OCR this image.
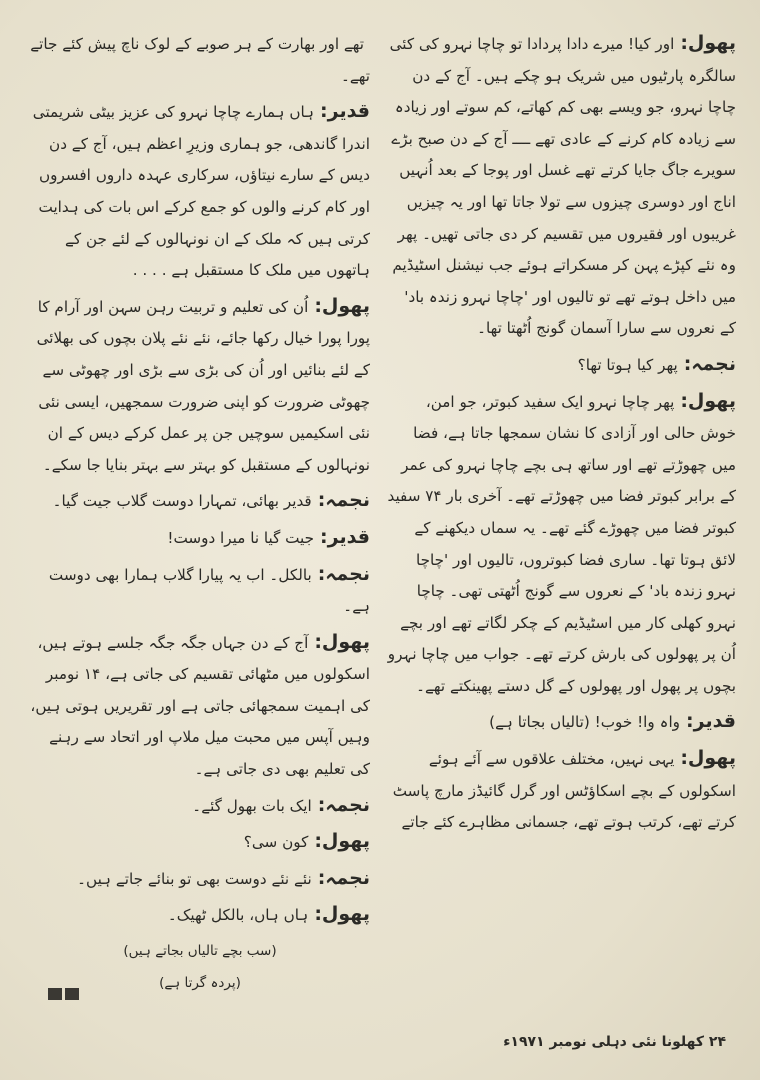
پھول:اور کیا! میرے دادا پردادا تو چاچا نہرو کی کئی سالگرہ پارٹیوں میں شریک ہو چکے ہیں۔ آج کے دن چاچا نہرو، جو ویسے بھی کم کھاتے، کم سوتے اور زیادہ سے زیادہ کام کرنے کے عادی تھے ــــ آج کے دن صبح بڑے سویرے جاگ جایا کرتے تھے غسل اور پوجا کے بعد اُنہیں اناج اور دوسری چیزوں سے تولا جاتا تھا اور یہ چیزیں غریبوں اور فقیروں میں تقسیم کر دی جاتی تھیں۔ پھر وہ نئے کپڑے پہن کر مسکراتے ہوئے جب نیشنل اسٹیڈیم میں داخل ہوتے تھے تو تالیوں اور 'چاچا نہرو زندہ باد' کے نعروں سے سارا آسمان گونج اُٹھتا تھا۔

نجمہ:پھر کیا ہوتا تھا؟

پھول:پھر چاچا نہرو ایک سفید کبوتر، جو امن، خوش حالی اور آزادی کا نشان سمجھا جاتا ہے، فضا میں چھوڑتے تھے اور ساتھ ہی بچے چاچا نہرو کی عمر کے برابر کبوتر فضا میں چھوڑتے تھے۔ آخری بار ۷۴ سفید کبوتر فضا میں چھوڑے گئے تھے۔ یہ سماں دیکھنے کے لائق ہوتا تھا۔ ساری فضا کبوتروں، تالیوں اور 'چاچا نہرو زندہ باد' کے نعروں سے گونج اُٹھتی تھی۔ چاچا نہرو کھلی کار میں اسٹیڈیم کے چکر لگاتے تھے اور بچے اُن پر پھولوں کی بارش کرتے تھے۔ جواب میں چاچا نہرو بچوں پر پھول اور پھولوں کے گل دستے پھینکتے تھے۔

قدیر:واہ وا! خوب! (تالیاں بجاتا ہے)

پھول:یہی نہیں، مختلف علاقوں سے آئے ہوئے اسکولوں کے بچے اسکاؤٹس اور گرل گائیڈز مارچ پاسٹ کرتے تھے، کرتب ہوتے تھے، جسمانی مظاہرے کئے جاتے

تھے اور بھارت کے ہر صوبے کے لوک ناچ پیش کئے جاتے تھے۔

قدیر:ہاں ہمارے چاچا نہرو کی عزیز بیٹی شریمتی اندرا گاندھی، جو ہماری وزیرِ اعظم ہیں، آج کے دن دیس کے سارے نیتاؤں، سرکاری عہدہ داروں افسروں اور کام کرنے والوں کو جمع کرکے اس بات کی ہدایت کرتی ہیں کہ ملک کے ان نونہالوں کے لئے جن کے ہاتھوں میں ملک کا مستقبل ہے . . . .

پھول:اُن کی تعلیم و تربیت رہن سہن اور آرام کا پورا پورا خیال رکھا جائے، نئے نئے پلان بچوں کی بھلائی کے لئے بنائیں اور اُن کی بڑی سے بڑی اور چھوٹی سے چھوٹی ضرورت کو اپنی ضرورت سمجھیں، ایسی نئی نئی اسکیمیں سوچیں جن پر عمل کرکے دیس کے ان نونہالوں کے مستقبل کو بہتر سے بہتر بنایا جا سکے۔

نجمہ:قدیر بھائی، تمہارا دوست گلاب جیت گیا۔

قدیر:جیت گیا نا میرا دوست!

نجمہ:بالکل۔ اب یہ پیارا گلاب ہمارا بھی دوست ہے۔

پھول:آج کے دن جہاں جگہ جگہ جلسے ہوتے ہیں، اسکولوں میں مٹھائی تقسیم کی جاتی ہے، ۱۴ نومبر کی اہمیت سمجھائی جاتی ہے اور تقریریں ہوتی ہیں، وہیں آپس میں محبت میل ملاپ اور اتحاد سے رہنے کی تعلیم بھی دی جاتی ہے۔

نجمہ:ایک بات بھول گئے۔

پھول:کون سی؟

نجمہ:نئے نئے دوست بھی تو بنائے جاتے ہیں۔

پھول:ہاں ہاں، بالکل ٹھیک۔

(سب بچے تالیاں بجاتے ہیں)
(پردہ گرتا ہے)
۲۴ کھلونا نئی دہلی نومبر ۱۹۷۱ء
